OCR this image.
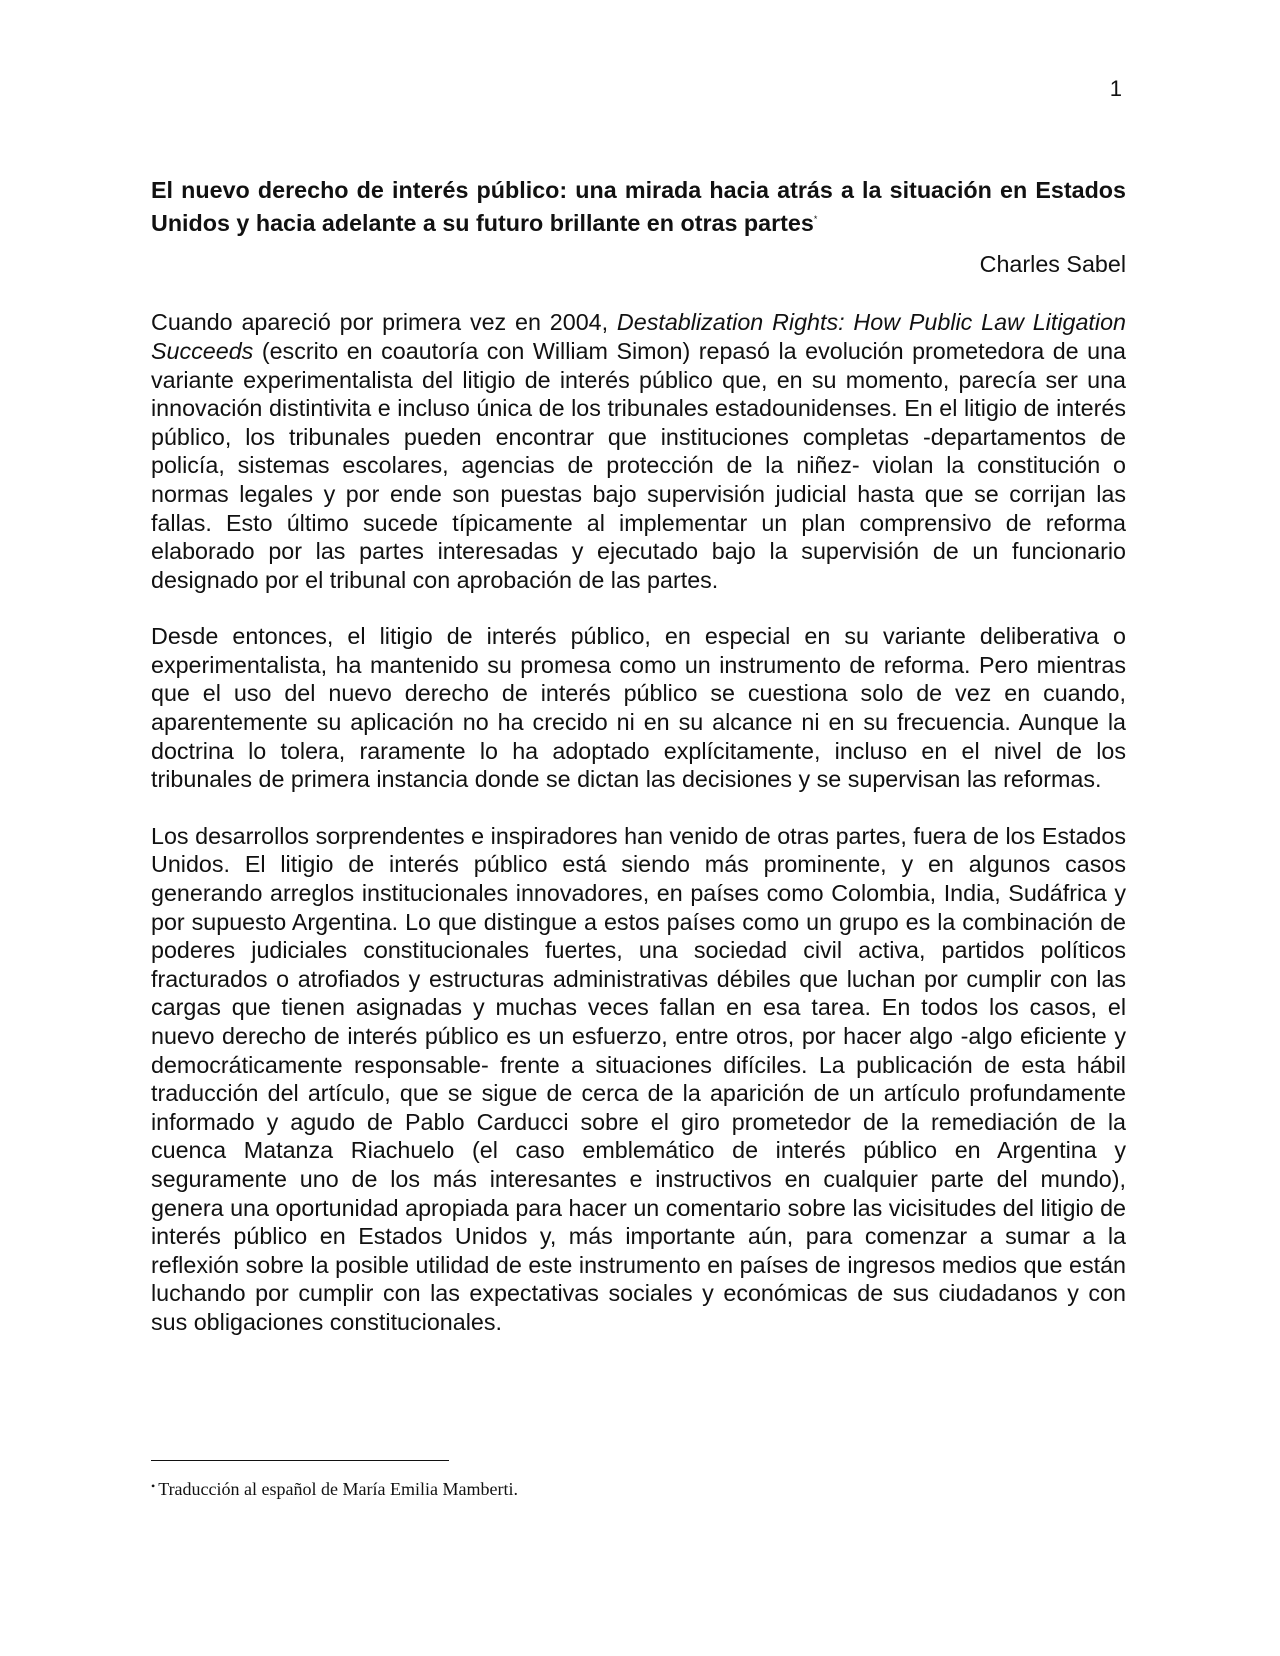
1
El nuevo derecho de interés público: una mirada hacia atrás a la situación en Estados Unidos y hacia adelante a su futuro brillante en otras partes*
Charles Sabel

Cuando apareció por primera vez en 2004, Destablization Rights: How Public Law Litigation Succeeds (escrito en coautoría con William Simon) repasó la evolución prometedora de una variante experimentalista del litigio de interés público que, en su momento, parecía ser una innovación distintivita e incluso única de los tribunales estadounidenses. En el litigio de interés público, los tribunales pueden encontrar que instituciones completas -departamentos de policía, sistemas escolares, agencias de protección de la niñez- violan la constitución o normas legales y por ende son puestas bajo supervisión judicial hasta que se corrijan las fallas. Esto último sucede típicamente al implementar un plan comprensivo de reforma elaborado por las partes interesadas y ejecutado bajo la supervisión de un funcionario designado por el tribunal con aprobación de las partes.

Desde entonces, el litigio de interés público, en especial en su variante deliberativa o experimentalista, ha mantenido su promesa como un instrumento de reforma. Pero mientras que el uso del nuevo derecho de interés público se cuestiona solo de vez en cuando, aparentemente su aplicación no ha crecido ni en su alcance ni en su frecuencia. Aunque la doctrina lo tolera, raramente lo ha adoptado explícitamente, incluso en el nivel de los tribunales de primera instancia donde se dictan las decisiones y se supervisan las reformas.

Los desarrollos sorprendentes e inspiradores han venido de otras partes, fuera de los Estados Unidos. El litigio de interés público está siendo más prominente, y en algunos casos generando arreglos institucionales innovadores, en países como Colombia, India, Sudáfrica y por supuesto Argentina. Lo que distingue a estos países como un grupo es la combinación de poderes judiciales constitucionales fuertes, una sociedad civil activa, partidos políticos fracturados o atrofiados y estructuras administrativas débiles que luchan por cumplir con las cargas que tienen asignadas y muchas veces fallan en esa tarea. En todos los casos, el nuevo derecho de interés público es un esfuerzo, entre otros, por hacer algo -algo eficiente y democráticamente responsable- frente a situaciones difíciles. La publicación de esta hábil traducción del artículo, que se sigue de cerca de la aparición de un artículo profundamente informado y agudo de Pablo Carducci sobre el giro prometedor de la remediación de la cuenca Matanza Riachuelo (el caso emblemático de interés público en Argentina y seguramente uno de los más interesantes e instructivos en cualquier parte del mundo), genera una oportunidad apropiada para hacer un comentario sobre las vicisitudes del litigio de interés público en Estados Unidos y, más importante aún, para comenzar a sumar a la reflexión sobre la posible utilidad de este instrumento en países de ingresos medios que están luchando por cumplir con las expectativas sociales y económicas de sus ciudadanos y con sus obligaciones constitucionales.

• Traducción al español de María Emilia Mamberti.
